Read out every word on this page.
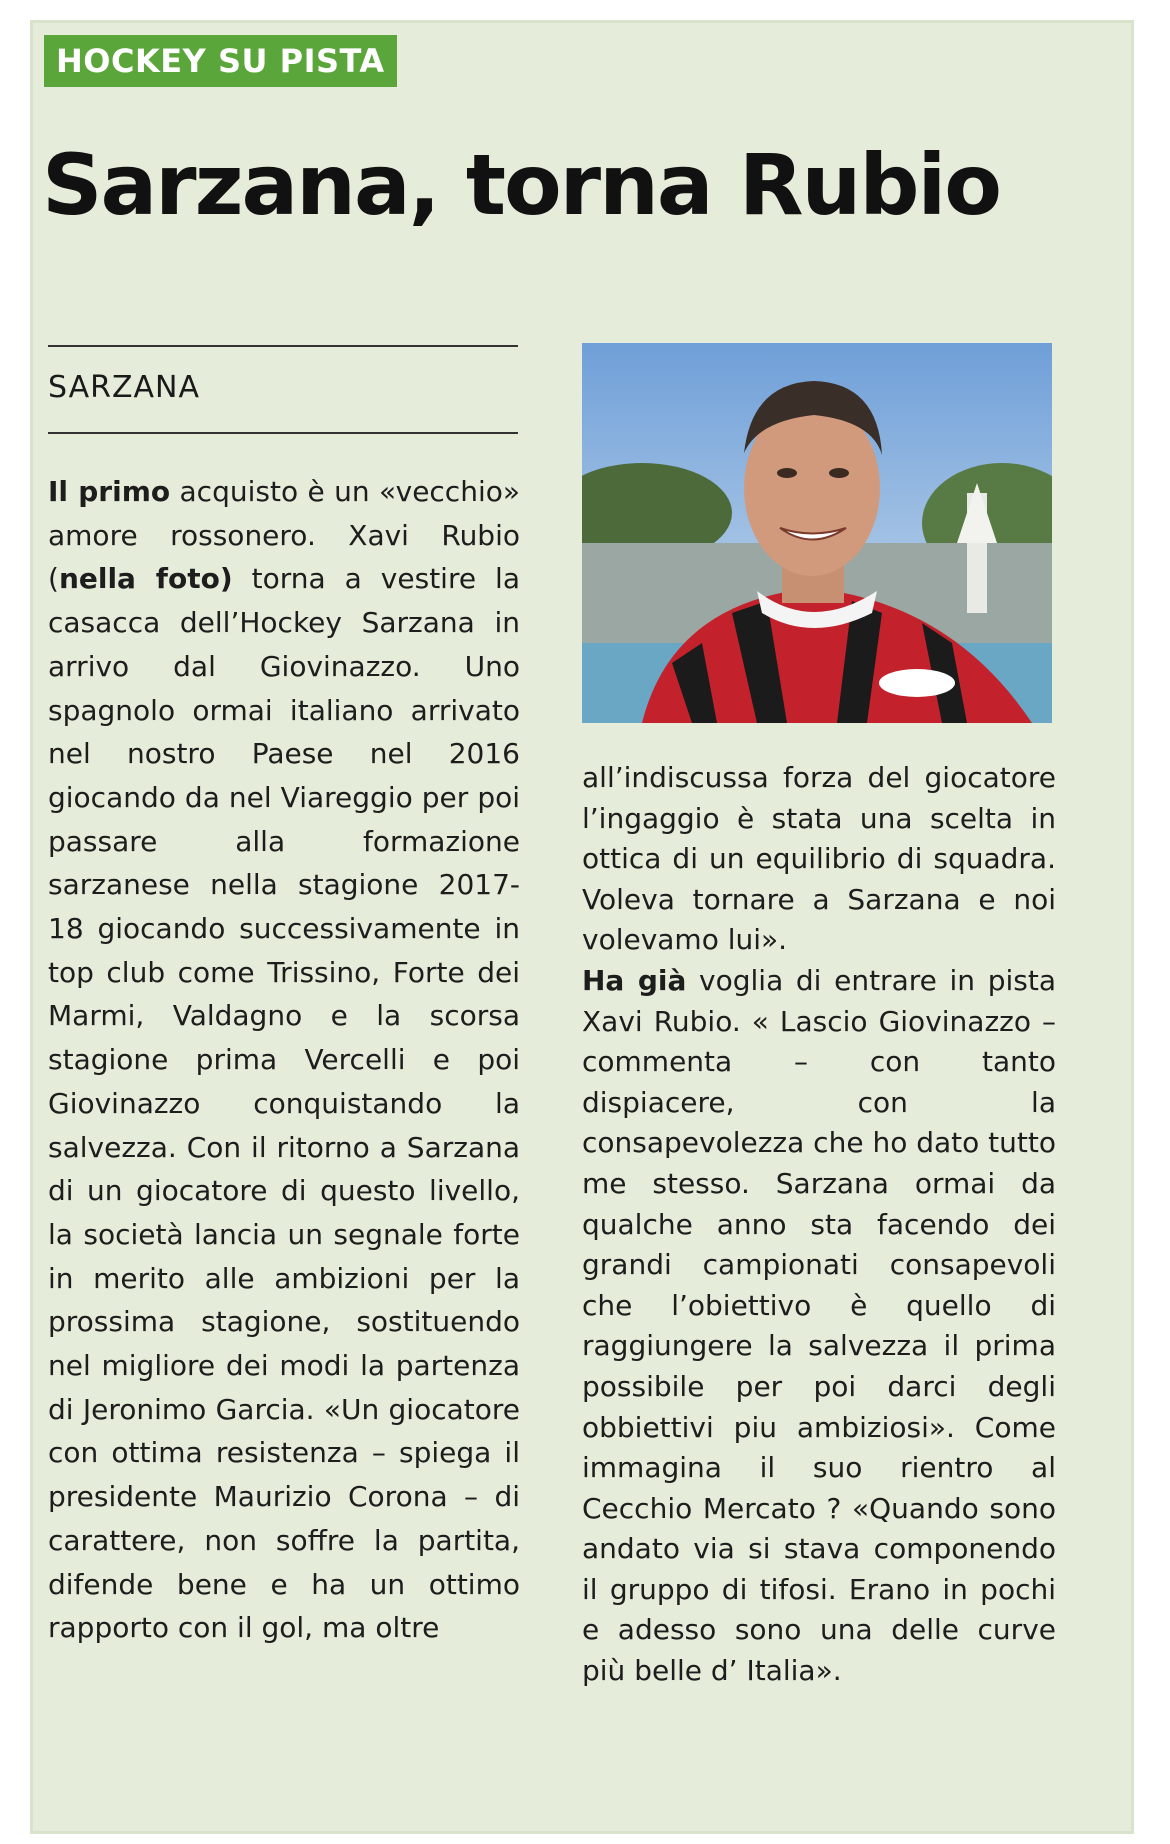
HOCKEY SU PISTA
Sarzana, torna Rubio
SARZANA
Il primo acquisto è un «vecchio» amore rossonero. Xavi Rubio (nella foto) torna a vestire la casacca dell’Hockey Sarzana in arrivo dal Giovinazzo. Uno spagnolo ormai italiano arrivato nel nostro Paese nel 2016 giocando da nel Viareggio per poi passare alla formazione sarzanese nella stagione 2017-18 giocando successivamente in top club come Trissino, Forte dei Marmi, Valdagno e la scorsa stagione prima Vercelli e poi Giovinazzo conquistando la salvezza. Con il ritorno a Sarzana di un giocatore di questo livello, la società lancia un segnale forte in merito alle ambizioni per la prossima stagione, sostituendo nel migliore dei modi la partenza di Jeronimo Garcia. «Un giocatore con ottima resistenza – spiega il presidente Maurizio Corona – di carattere, non soffre la partita, difende bene e ha un ottimo rapporto con il gol, ma oltre
all’indiscussa forza del giocatore l’ingaggio è stata una scelta in ottica di un equilibrio di squadra. Voleva tornare a Sarzana e noi volevamo lui».
Ha già voglia di entrare in pista Xavi Rubio. « Lascio Giovinazzo – commenta – con tanto dispiacere, con la consapevolezza che ho dato tutto me stesso. Sarzana ormai da qualche anno sta facendo dei grandi campionati consapevoli che l’obiettivo è quello di raggiungere la salvezza il prima possibile per poi darci degli obbiettivi piu ambiziosi». Come immagina il suo rientro al Cecchio Mercato ? «Quando sono andato via si stava componendo il gruppo di tifosi. Erano in pochi e adesso sono una delle curve più belle d’ Italia».
